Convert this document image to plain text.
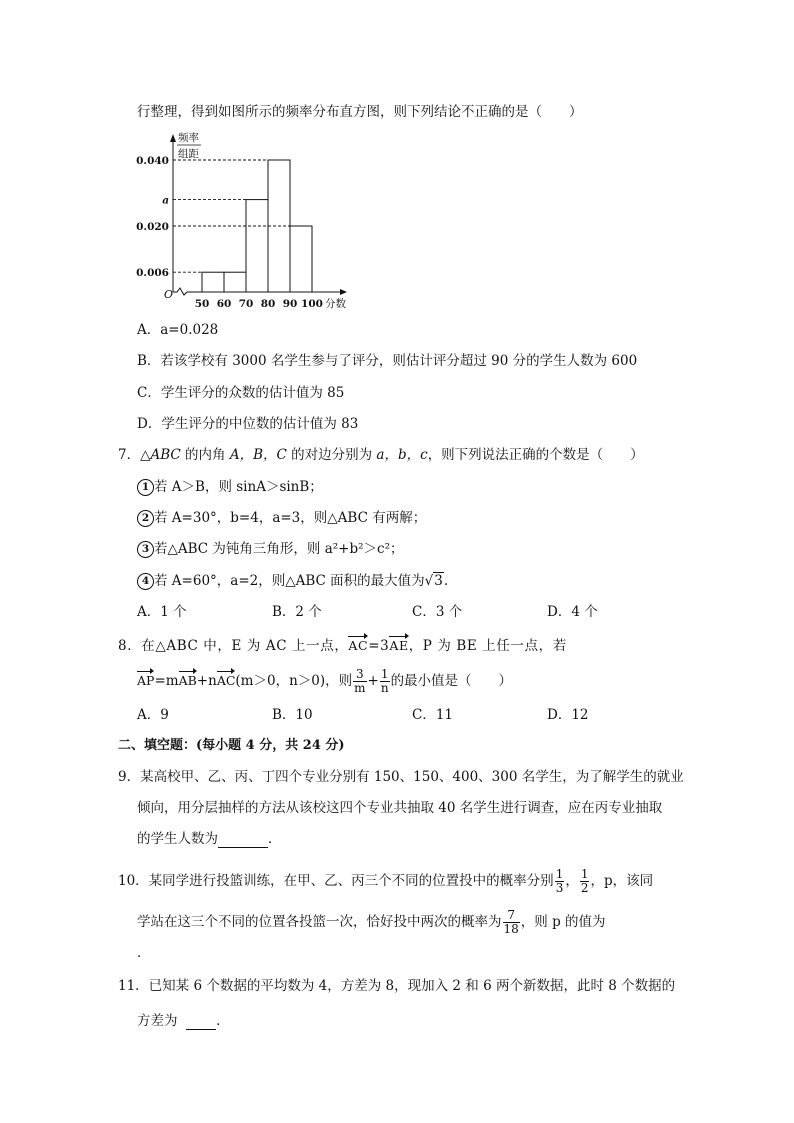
行整理，得到如图所示的频率分布直方图，则下列结论不正确的是（　　）
频率
组距
O
分数
0.006
0.020
a
0.040
50 60 70 80 90 100
A．a=0.028
B．若该学校有 3000 名学生参与了评分，则估计评分超过 90 分的学生人数为 600
C．学生评分的众数的估计值为 85
D．学生评分的中位数的估计值为 83
7．△ABC 的内角 A，B，C 的对边分别为 a，b，c，则下列说法正确的个数是（　　）
1 若 A＞B，则 sinA＞sinB；
2 若 A=30°，b=4，a=3，则△ABC 有两解；
3 若△ABC 为钝角三角形，则 a²+b²＞c²；
4 若 A=60°，a=2，则△ABC 面积的最大值为√3.
A．1 个	B．2 个	C．3 个	D．4 个
8．在△ABC 中，E 为 AC 上一点，AC=3AE，P 为 BE 上任一点，若
AP=mAB+nAC(m＞0，n＞0)，则 $\frac{3}{m} + \frac{1}{n}$ 的最小值是（　　）
A．9	B．10	C．11	D．12
二、填空题：(每小题 4 分，共 24 分)
9．某高校甲、乙、丙、丁四个专业分别有 150、150、400、300 名学生，为了解学生的就业
倾向，用分层抽样的方法从该校这四个专业共抽取 40 名学生进行调查，应在丙专业抽取
的学生人数为	．
10．某同学进行投篮训练，在甲、乙、丙三个不同的位置投中的概率分别 $\frac{1}{3}$ ， $\frac{1}{2}$ ，p，该同
学站在这三个不同的位置各投篮一次，恰好投中两次的概率为 $\frac{7}{18}$ ，则 p 的值为
．
11．已知某 6 个数据的平均数为 4，方差为 8，现加入 2 和 6 两个新数据，此时 8 个数据的
方差为	．
